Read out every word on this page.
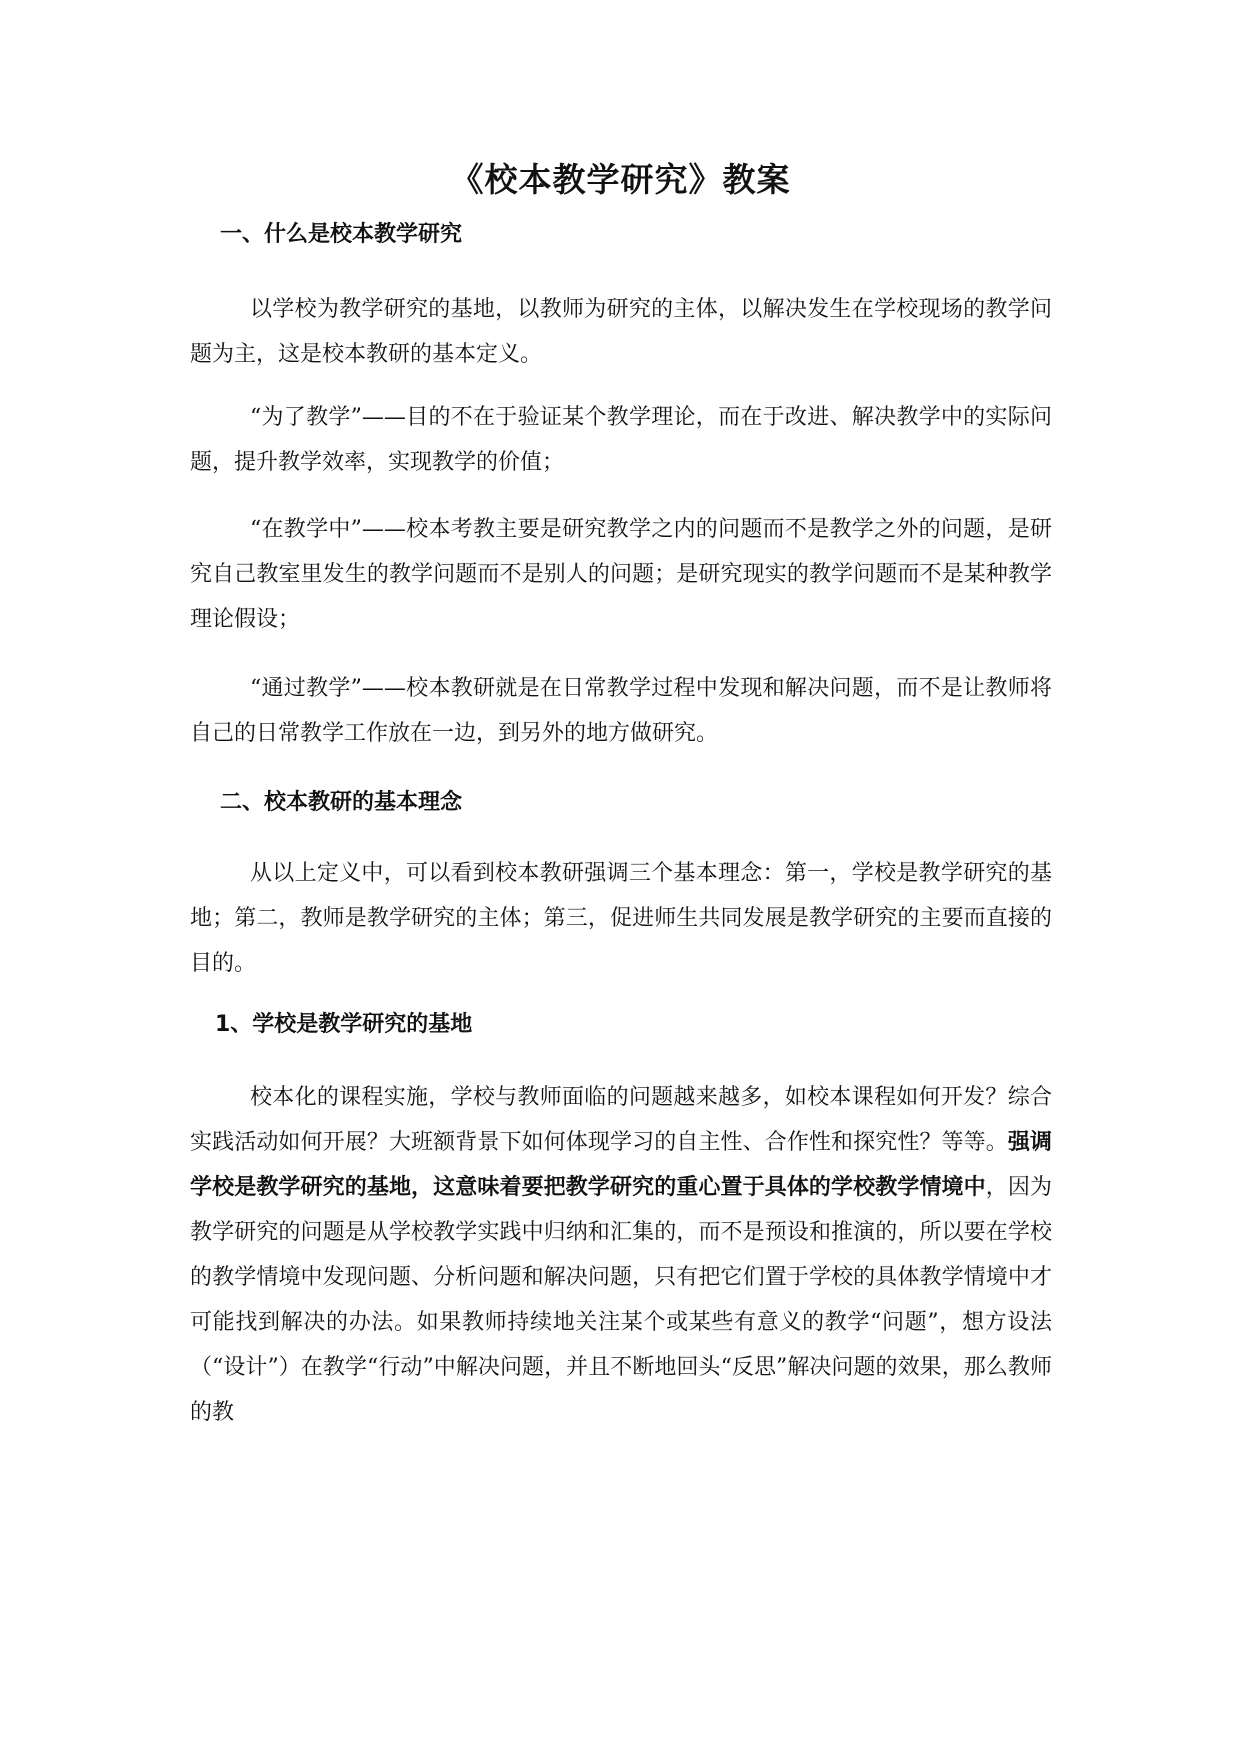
《校本教学研究》教案
一、什么是校本教学研究

以学校为教学研究的基地，以教师为研究的主体，以解决发生在学校现场的教学问题为主，这是校本教研的基本定义。

“为了教学”——目的不在于验证某个教学理论，而在于改进、解决教学中的实际问题，提升教学效率，实现教学的价值；

“在教学中”——校本考教主要是研究教学之内的问题而不是教学之外的问题，是研究自己教室里发生的教学问题而不是别人的问题；是研究现实的教学问题而不是某种教学理论假设；

“通过教学”——校本教研就是在日常教学过程中发现和解决问题，而不是让教师将自己的日常教学工作放在一边，到另外的地方做研究。

二、校本教研的基本理念

从以上定义中，可以看到校本教研强调三个基本理念：第一，学校是教学研究的基地；第二，教师是教学研究的主体；第三，促进师生共同发展是教学研究的主要而直接的目的。

1、学校是教学研究的基地

校本化的课程实施，学校与教师面临的问题越来越多，如校本课程如何开发？综合实践活动如何开展？大班额背景下如何体现学习的自主性、合作性和探究性？等等。强调学校是教学研究的基地，这意味着要把教学研究的重心置于具体的学校教学情境中，因为教学研究的问题是从学校教学实践中归纳和汇集的，而不是预设和推演的，所以要在学校的教学情境中发现问题、分析问题和解决问题，只有把它们置于学校的具体教学情境中才可能找到解决的办法。如果教师持续地关注某个或某些有意义的教学“问题”，想方设法（“设计”）在教学“行动”中解决问题，并且不断地回头“反思”解决问题的效果，那么教师的教
